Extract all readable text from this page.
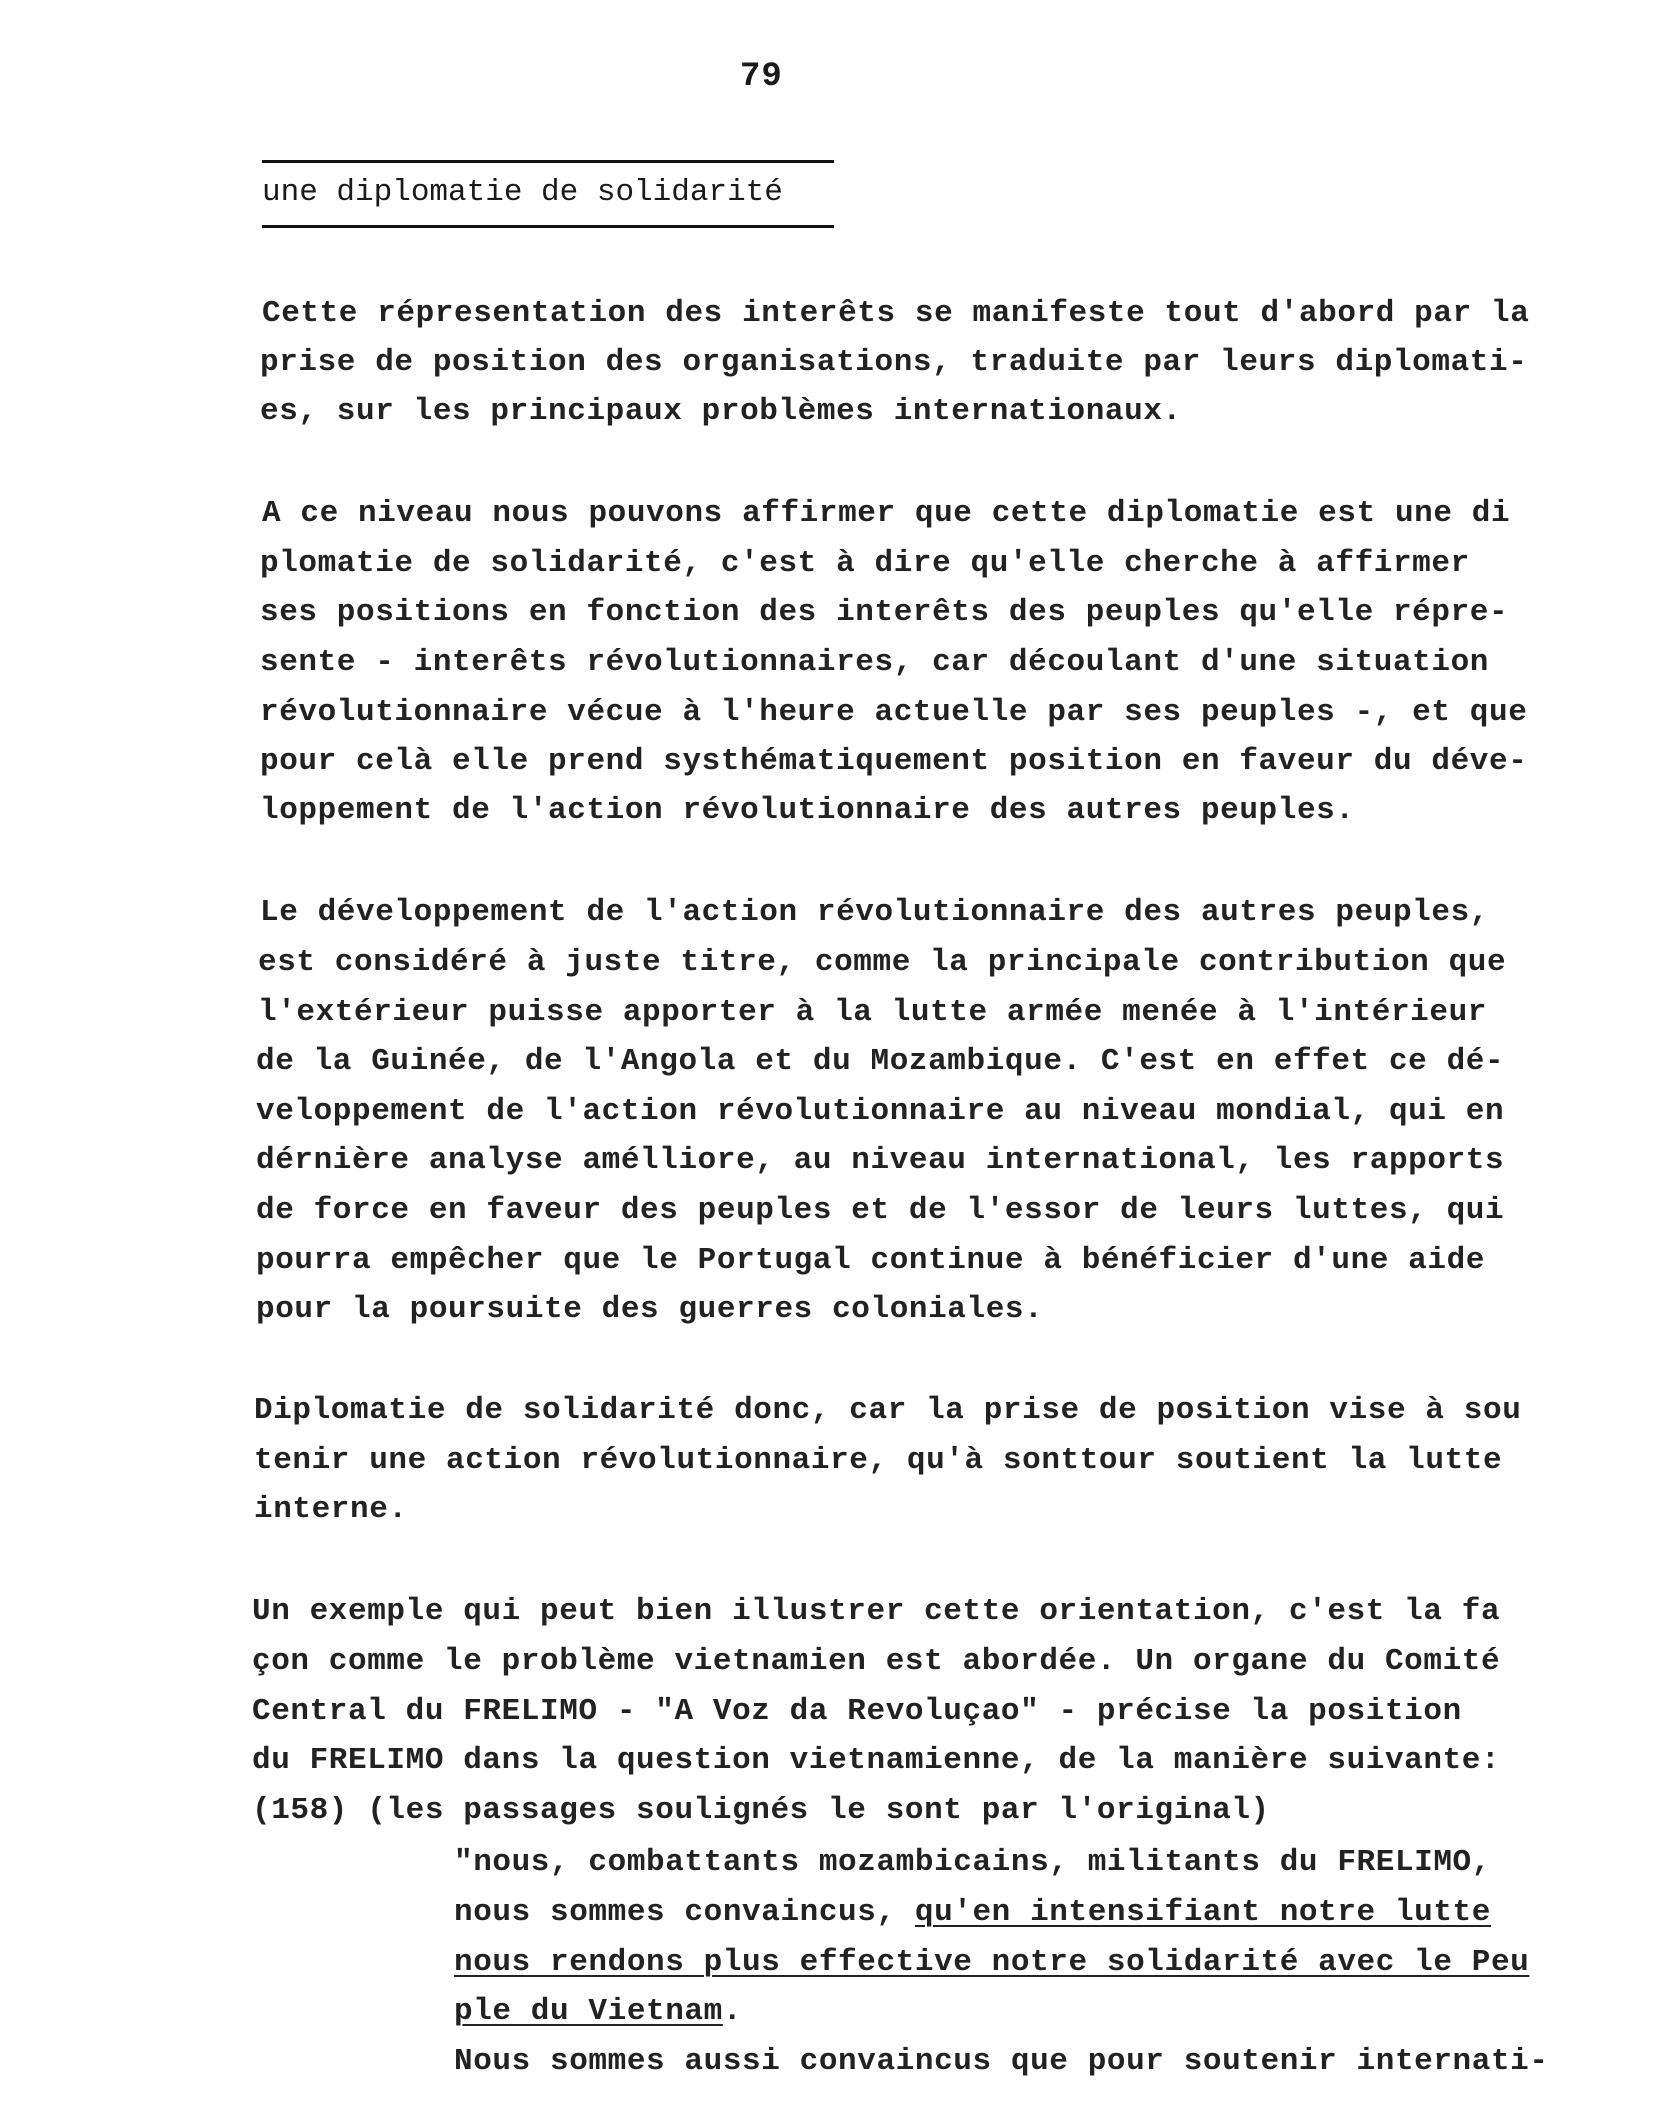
79
une diplomatie de solidarité
Cette répresentation des interêts se manifeste tout d'abord par la
prise de position des organisations, traduite par leurs diplomati-
es, sur les principaux problèmes internationaux.
A ce niveau nous pouvons affirmer que cette diplomatie est une di
plomatie de solidarité, c'est à dire qu'elle cherche à affirmer
ses positions en fonction des interêts des peuples qu'elle répre-
sente - interêts révolutionnaires, car découlant d'une situation
révolutionnaire vécue à l'heure actuelle par ses peuples -, et que
pour celà elle prend systhématiquement position en faveur du déve-
loppement de l'action révolutionnaire des autres peuples.
Le développement de l'action révolutionnaire des autres peuples,
est considéré à juste titre, comme la principale contribution que
l'extérieur puisse apporter à la lutte armée menée à l'intérieur
de la Guinée, de l'Angola et du Mozambique. C'est en effet ce dé-
veloppement de l'action révolutionnaire au niveau mondial, qui en
dérnière analyse amélliore, au niveau international, les rapports
de force en faveur des peuples et de l'essor de leurs luttes, qui
pourra empêcher que le Portugal continue à bénéficier d'une aide
pour la poursuite des guerres coloniales.
Diplomatie de solidarité donc, car la prise de position vise à sou
tenir une action révolutionnaire, qu'à sonttour soutient la lutte
interne.
Un exemple qui peut bien illustrer cette orientation, c'est la fa
çon comme le problème vietnamien est abordée. Un organe du Comité
Central du FRELIMO - "A Voz da Revoluçao" - précise la position
du FRELIMO dans la question vietnamienne, de la manière suivante:
(158) (les passages soulignés le sont par l'original)
"nous, combattants mozambicains, militants du FRELIMO,
nous sommes convaincus, qu'en intensifiant notre lutte
nous rendons plus effective notre solidarité avec le Peu
ple du Vietnam.
Nous sommes aussi convaincus que pour soutenir internati-
